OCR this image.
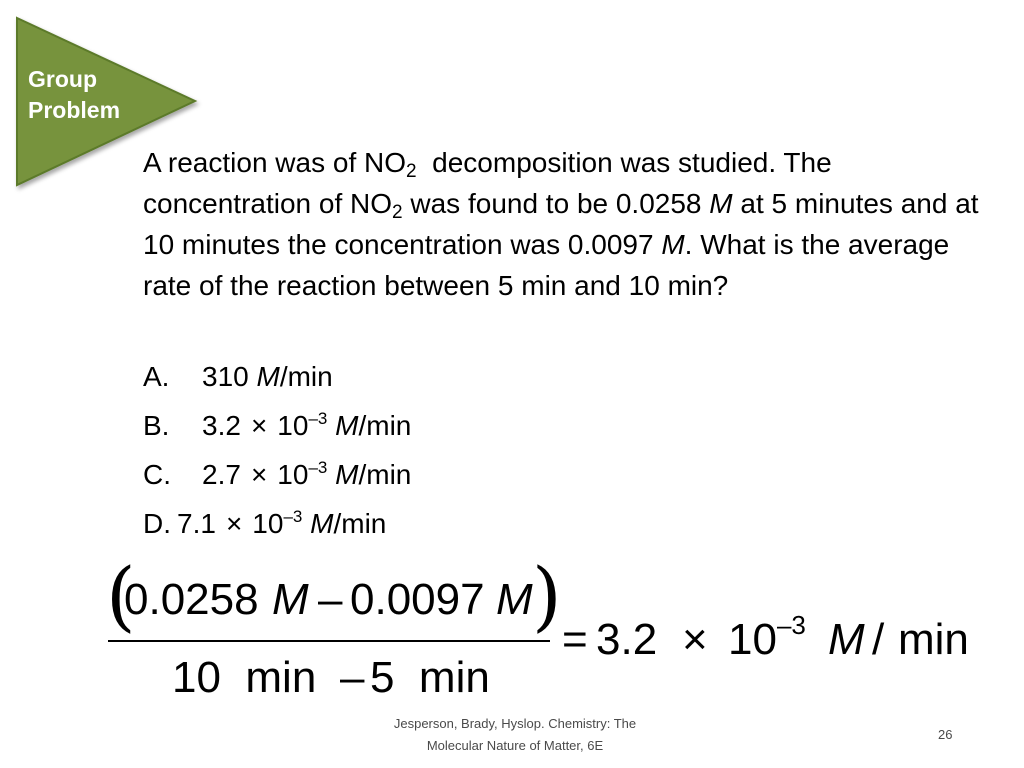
Group
Problem
A reaction was of $NO_2$  decomposition was studied. The concentration of $NO_2$ was found to be 0.0258 M at 5 minutes and at 10 minutes the concentration was 0.0097 M. What is the average rate of the reaction between 5 min and 10 min?
A. 310 M/min
B. $3.2 \times 10^{-3}$ M/min
C. $2.7 \times 10^{-3}$ M/min
D. $7.1 \times 10^{-3}$ M/min
(
0.0258 M – 0.0097 M )
10  min – 5  min
= $3.2 \times 10^{-3}$ M / min
Jesperson, Brady, Hyslop. Chemistry: The
Molecular Nature of Matter, 6E
26
